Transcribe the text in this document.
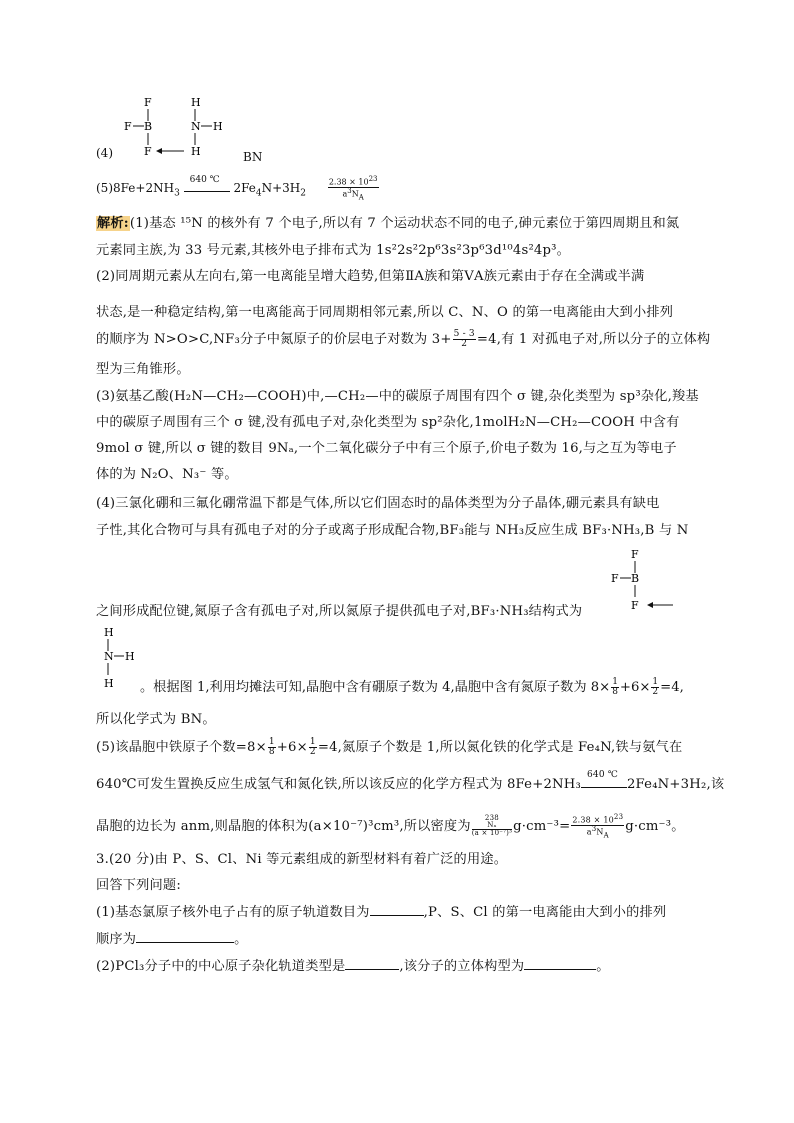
F
F B
F
H
N H
H
(4)	BN
$(5)8Fe+2NH_3$
640 ℃
$2Fe_4N+3H_2$	$\frac{2.38 \times 10^{23}}{a^3N_A}$
解析:(1)基态 ¹⁵N 的核外有 7 个电子,所以有 7 个运动状态不同的电子,砷元素位于第四周期且和氮
元素同主族,为 33 号元素,其核外电子排布式为 1s²2s²2p⁶3s²3p⁶3d¹⁰4s²4p³。
(2)同周期元素从左向右,第一电离能呈增大趋势,但第ⅡA族和第ⅤA族元素由于存在全满或半满
状态,是一种稳定结构,第一电离能高于同周期相邻元素,所以 C、N、O 的第一电离能由大到小排列
的顺序为 N>O>C,NF₃分子中氮原子的价层电子对数为 $3+ \frac{5 - 3}{2} =4$,有 1 对孤电子对,所以分子的立体构
型为三角锥形。
(3)氨基乙酸(H₂N—CH₂—COOH)中,—CH₂—中的碳原子周围有四个 σ 键,杂化类型为 sp³杂化,羧基
中的碳原子周围有三个 σ 键,没有孤电子对,杂化类型为 sp²杂化,1molH₂N—CH₂—COOH 中含有
9mol σ 键,所以 σ 键的数目 9Nₐ,一个二氧化碳分子中有三个原子,价电子数为 16,与之互为等电子
体的为 N₂O、N₃⁻ 等。
(4)三氯化硼和三氟化硼常温下都是气体,所以它们固态时的晶体类型为分子晶体,硼元素具有缺电
子性,其化合物可与具有孤电子对的分子或离子形成配合物,BF₃能与 NH₃反应生成 BF₃·NH₃,B 与 N
F
F B
F
之间形成配位键,氮原子含有孤电子对,所以氮原子提供孤电子对,BF₃·NH₃结构式为
H
N H
H 。根据图 1,利用均摊法可知,晶胞中含有硼原子数为 4,晶胞中含有氮原子数为 $8\times \frac{1}{8} +6\times \frac{1}{2} =4$,
所以化学式为 BN。
(5)该晶胞中铁原子个数$=8\times \frac{1}{8} +6\times \frac{1}{2} =4$,氮原子个数是 1,所以氮化铁的化学式是 Fe₄N,铁与氨气在
640℃可发生置换反应生成氢气和氮化铁,所以该反应的化学方程式为 8Fe+2NH₃
640 ℃
2Fe₄N+3H₂,该
晶胞的边长为 anm,则晶胞的体积为(a×10⁻⁷)³cm³,所以密度为
238
Nₐ
(a × 10⁻⁷)³ $g\cdot cm^{-3}= \frac{2.38 \times 10^{23}}{a^3N_A} g\cdot cm^{-3}$。
3.(20 分)由 P、S、Cl、Ni 等元素组成的新型材料有着广泛的用途。
回答下列问题:
(1)基态氯原子核外电子占有的原子轨道数目为	,P、S、Cl 的第一电离能由大到小的排列
顺序为	。
(2)PCl₃分子中的中心原子杂化轨道类型是	,该分子的立体构型为	。
